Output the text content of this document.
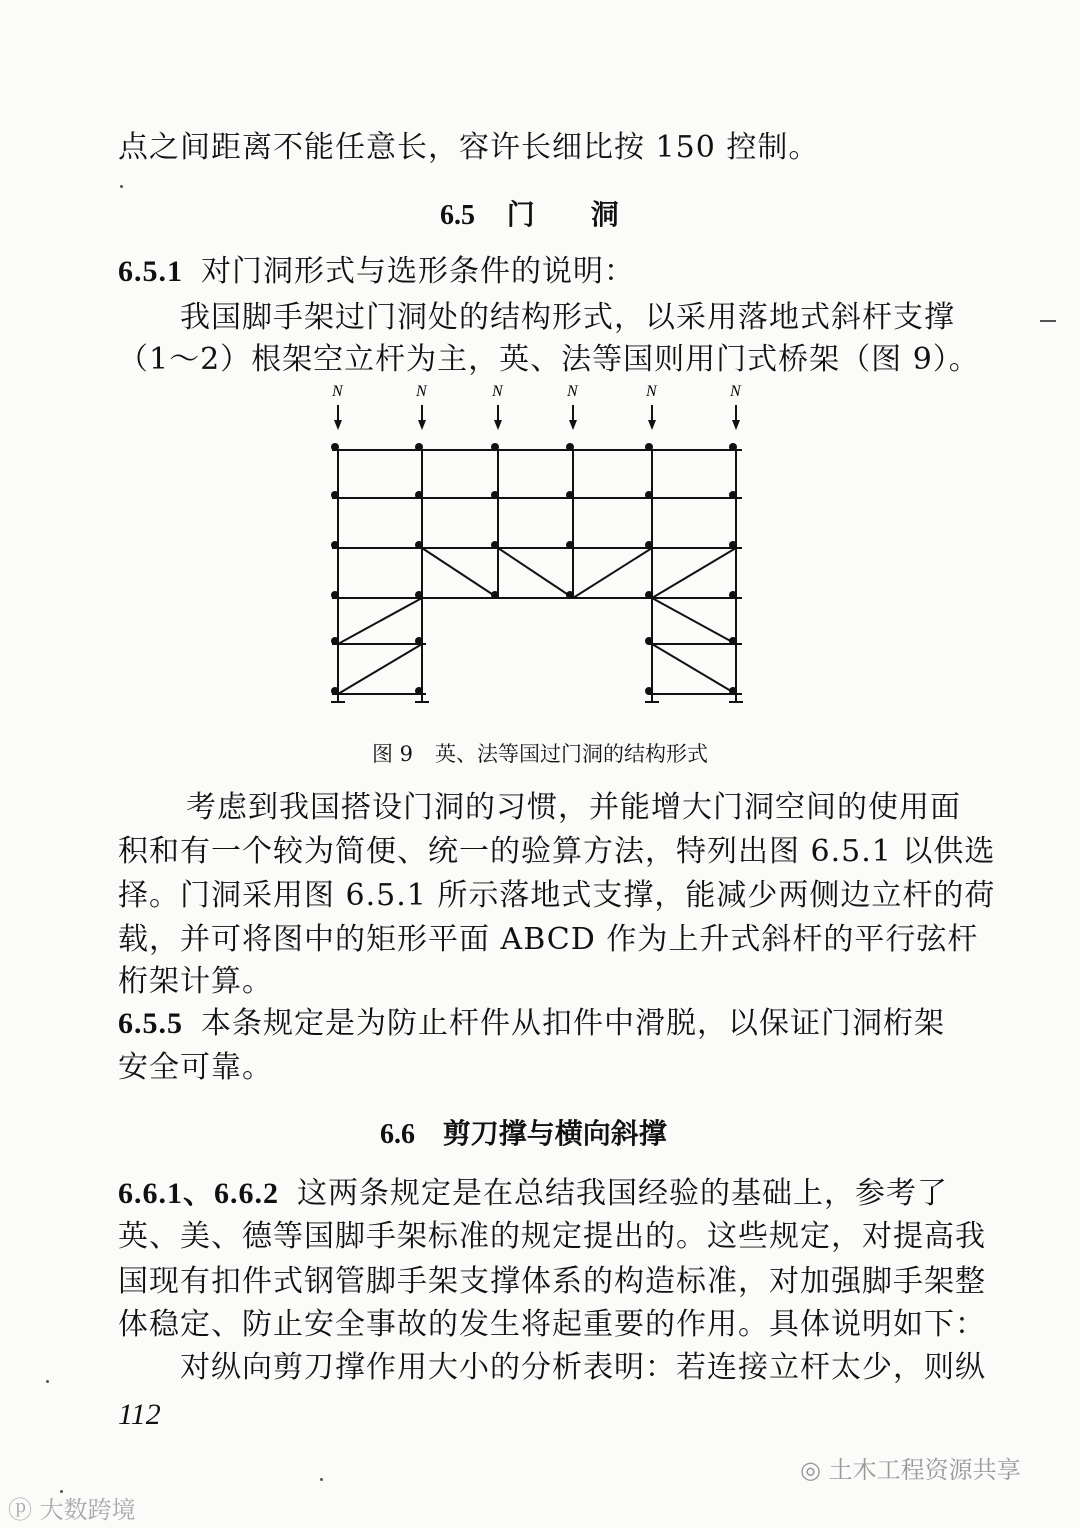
点之间距离不能任意长，容许长细比按 150 控制。
6.5 门　　洞
6.5.1 对门洞形式与选形条件的说明：
我国脚手架过门洞处的结构形式，以采用落地式斜杆支撑
（1～2）根架空立杆为主，英、法等国则用门式桥架（图 9）。
N	N	N	N	N	N
图 9 英、法等国过门洞的结构形式
考虑到我国搭设门洞的习惯，并能增大门洞空间的使用面
积和有一个较为简便、统一的验算方法，特列出图 6.5.1 以供选
择。门洞采用图 6.5.1 所示落地式支撑，能减少两侧边立杆的荷
载，并可将图中的矩形平面 ABCD 作为上升式斜杆的平行弦杆
桁架计算。
6.5.5 本条规定是为防止杆件从扣件中滑脱，以保证门洞桁架
安全可靠。
6.6 剪刀撑与横向斜撑
6.6.1、6.6.2 这两条规定是在总结我国经验的基础上，参考了
英、美、德等国脚手架标准的规定提出的。这些规定，对提高我
国现有扣件式钢管脚手架支撑体系的构造标准，对加强脚手架整
体稳定、防止安全事故的发生将起重要的作用。具体说明如下：
对纵向剪刀撑作用大小的分析表明：若连接立杆太少，则纵
112
ⓟ 大数跨境
◎ 土木工程资源共享
